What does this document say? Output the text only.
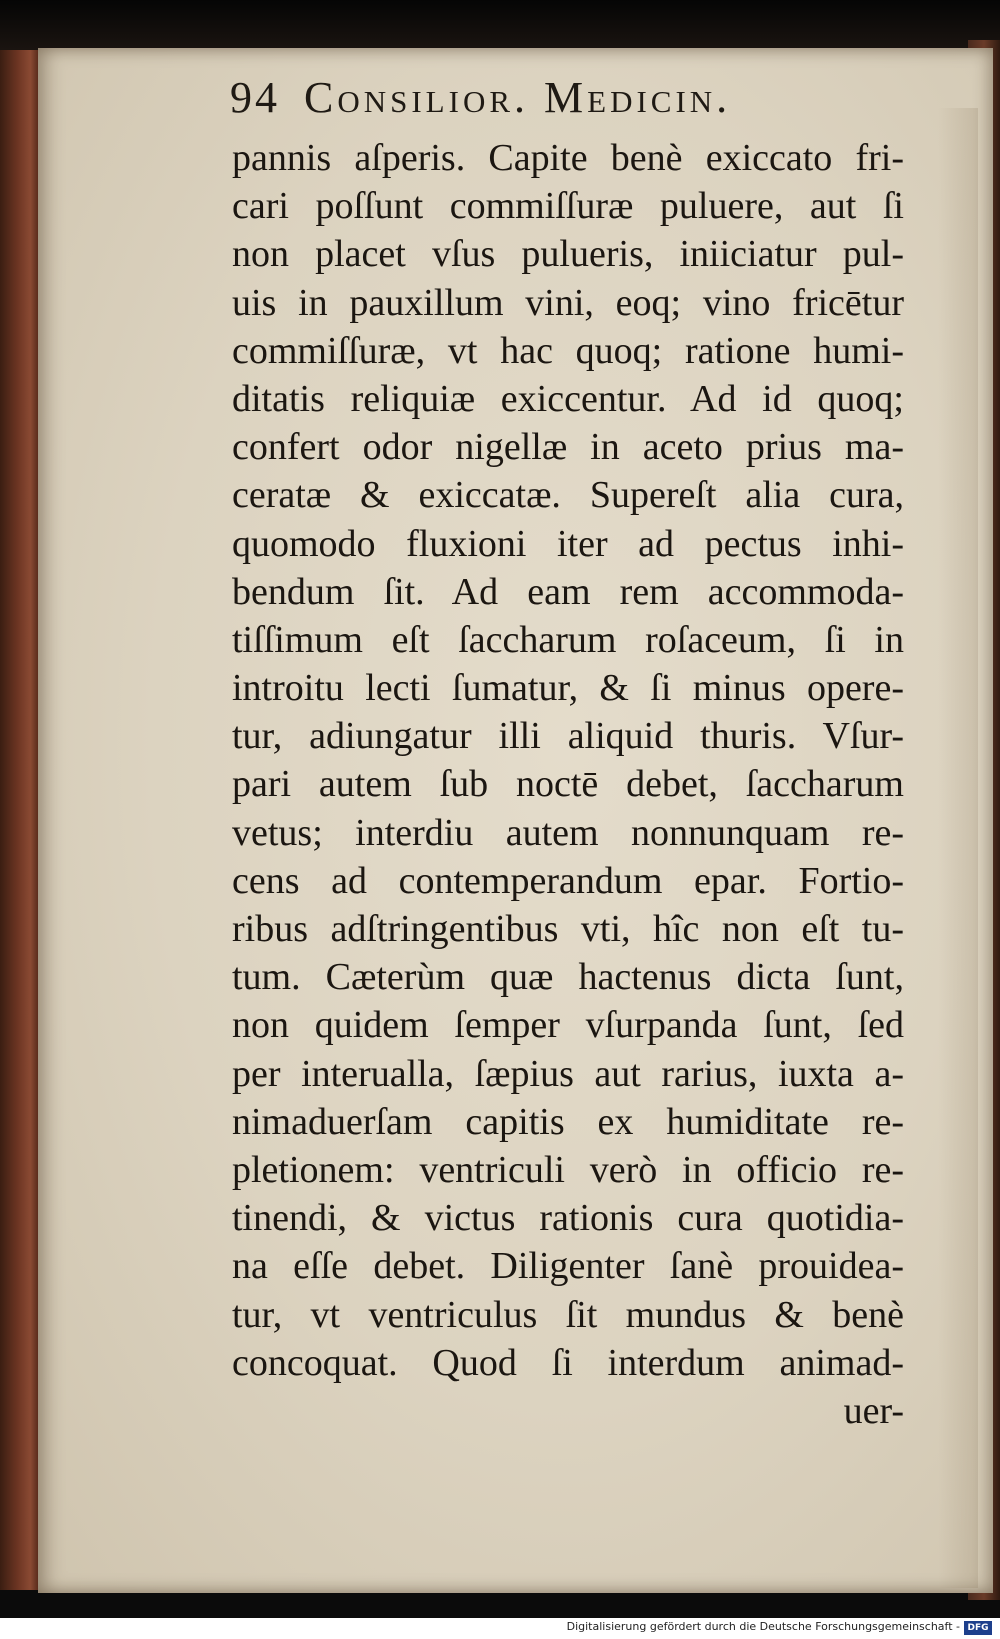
94 Consilior. Medicin.
pannis aſperis. Capite benè exiccato fri-
cari poſſunt commiſſuræ puluere, aut ſi
non placet vſus pulueris, iniiciatur pul-
uis in pauxillum vini, eoq; vino fricētur
commiſſuræ, vt hac quoq; ratione humi-
ditatis reliquiæ exiccentur. Ad id quoq;
confert odor nigellæ in aceto prius ma-
ceratæ & exiccatæ. Supereſt alia cura,
quomodo fluxioni iter ad pectus inhi-
bendum ſit. Ad eam rem accommoda-
tiſſimum eſt ſaccharum roſaceum, ſi in
introitu lecti ſumatur, & ſi minus opere-
tur, adiungatur illi aliquid thuris. Vſur-
pari autem ſub noctē debet, ſaccharum
vetus; interdiu autem nonnunquam re-
cens ad contemperandum epar. Fortio-
ribus adſtringentibus vti, hîc non eſt tu-
tum. Cæterùm quæ hactenus dicta ſunt,
non quidem ſemper vſurpanda ſunt, ſed
per interualla, ſæpius aut rarius, iuxta a-
nimaduerſam capitis ex humiditate re-
pletionem: ventriculi verò in officio re-
tinendi, & victus rationis cura quotidia-
na eſſe debet. Diligenter ſanè prouidea-
tur, vt ventriculus ſit mundus & benè
concoquat. Quod ſi interdum animad-
uer-
Digitalisierung gefördert durch die Deutsche Forschungsgemeinschaft - DFG
